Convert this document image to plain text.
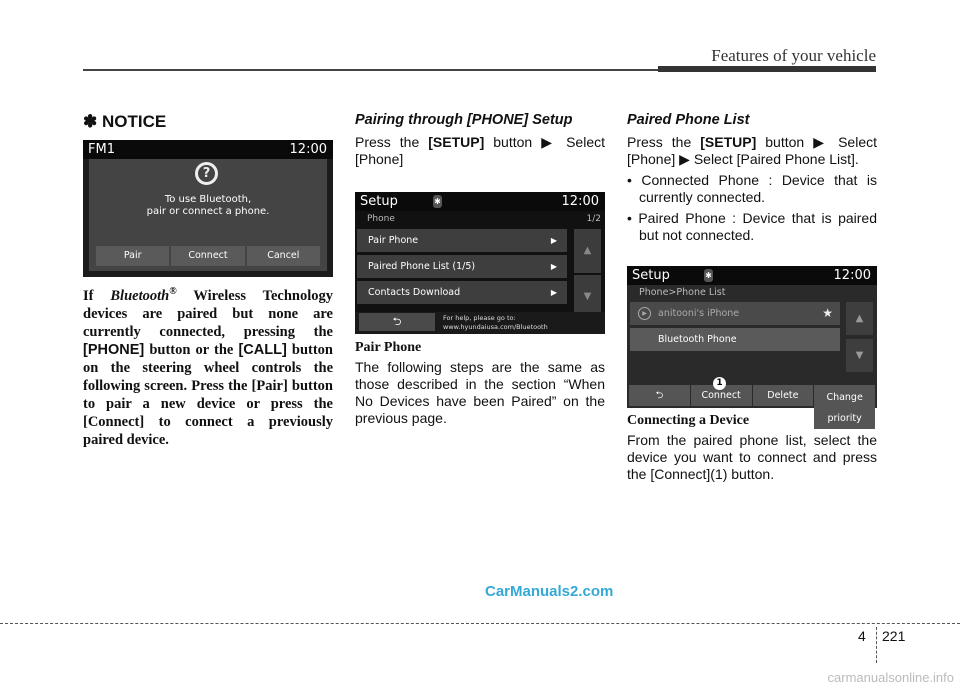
Features of your vehicle
✽ NOTICE
FM1	12:00
?
To use Bluetooth,
pair or connect a phone.
Pair	Connect	Cancel

If Bluetooth® Wireless Technology devices are paired but none are currently connected, pressing the [PHONE] button or the [CALL] button on the steering wheel controls the following screen. Press the [Pair] button to pair a new device or press the [Connect] to connect a previously paired device.

Pairing through [PHONE] Setup

Press the [SETUP] button ▶ Select [Phone]

Setup	12:00
✱
Phone	1/2
Pair Phone	▶
Paired Phone List (1/5)	▶
Contacts Download	▶
▲
▼
⮌	For help, please go to:
www.hyundaiusa.com/Bluetooth
Pair Phone

The following steps are the same as those described in the section “When No Devices have been Paired” on the previous page.

Paired Phone List

Press the [SETUP] button ▶ Select [Phone] ▶ Select [Paired Phone List].

• Connected Phone : Device that is currently connected.

• Paired Phone : Device that is paired but not connected.

Setup	12:00
✱
Phone>Phone List
▶	anitooni's iPhone	★
Bluetooth Phone
▲
▼
⮌	Connect	Delete	Change
priority
1
Connecting a Device

From the paired phone list, select the device you want to connect and press the [Connect](1) button.

CarManuals2.com
4 221
carmanualsonline.info
